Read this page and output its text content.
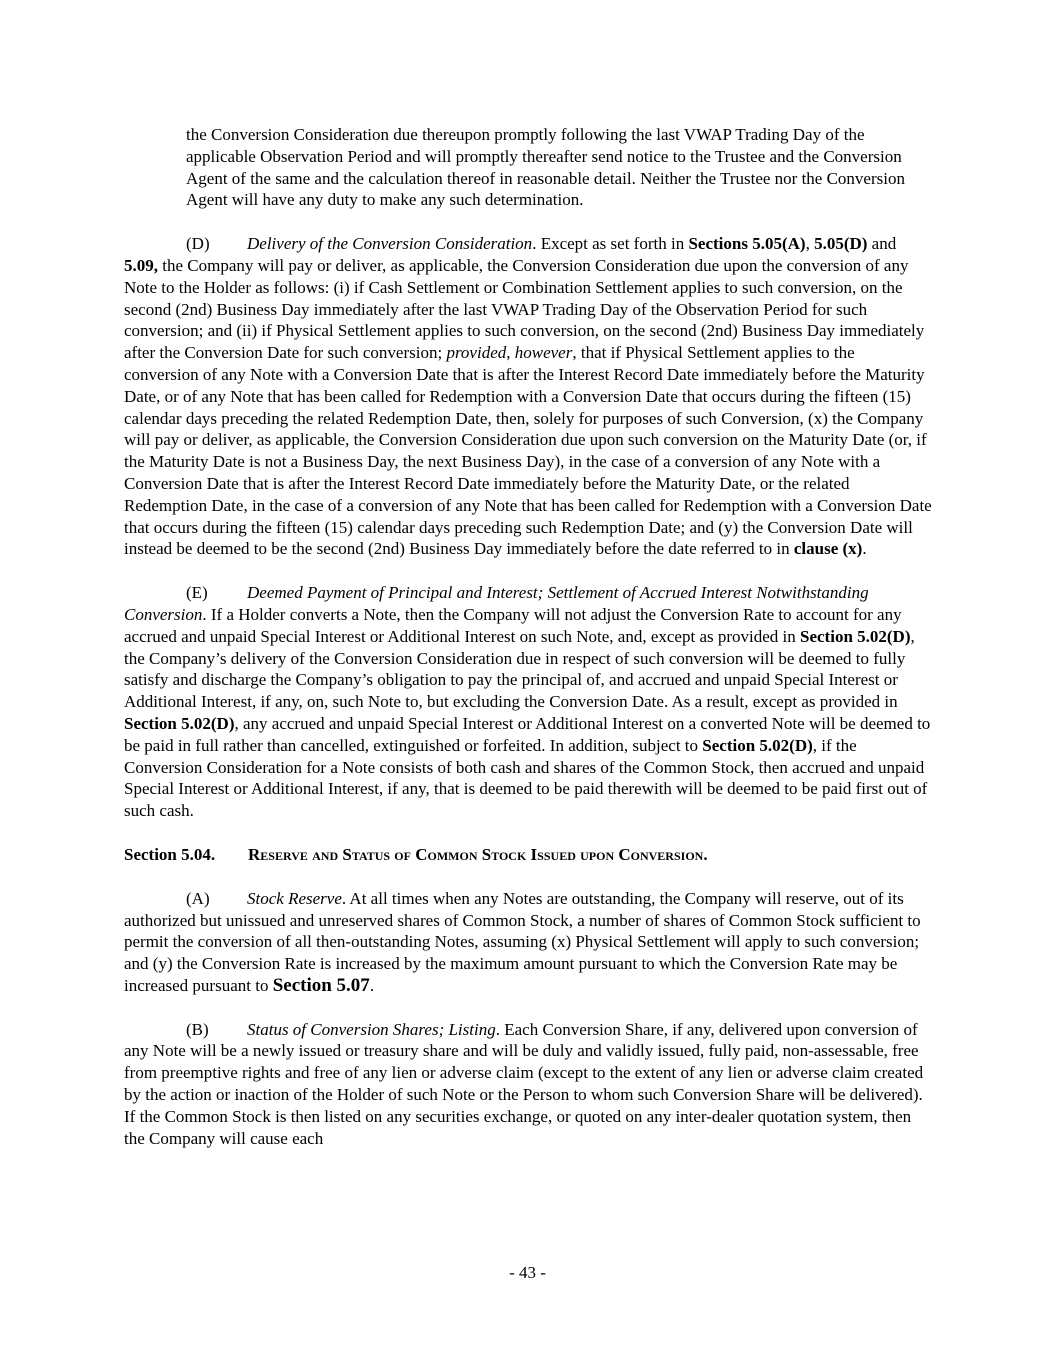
the Conversion Consideration due thereupon promptly following the last VWAP Trading Day of the applicable Observation Period and will promptly thereafter send notice to the Trustee and the Conversion Agent of the same and the calculation thereof in reasonable detail. Neither the Trustee nor the Conversion Agent will have any duty to make any such determination.

(D) Delivery of the Conversion Consideration. Except as set forth in Sections 5.05(A), 5.05(D) and 5.09, the Company will pay or deliver, as applicable, the Conversion Consideration due upon the conversion of any Note to the Holder as follows: (i) if Cash Settlement or Combination Settlement applies to such conversion, on the second (2nd) Business Day immediately after the last VWAP Trading Day of the Observation Period for such conversion; and (ii) if Physical Settlement applies to such conversion, on the second (2nd) Business Day immediately after the Conversion Date for such conversion; provided, however, that if Physical Settlement applies to the conversion of any Note with a Conversion Date that is after the Interest Record Date immediately before the Maturity Date, or of any Note that has been called for Redemption with a Conversion Date that occurs during the fifteen (15) calendar days preceding the related Redemption Date, then, solely for purposes of such Conversion, (x) the Company will pay or deliver, as applicable, the Conversion Consideration due upon such conversion on the Maturity Date (or, if the Maturity Date is not a Business Day, the next Business Day), in the case of a conversion of any Note with a Conversion Date that is after the Interest Record Date immediately before the Maturity Date, or the related Redemption Date, in the case of a conversion of any Note that has been called for Redemption with a Conversion Date that occurs during the fifteen (15) calendar days preceding such Redemption Date; and (y) the Conversion Date will instead be deemed to be the second (2nd) Business Day immediately before the date referred to in clause (x).

(E) Deemed Payment of Principal and Interest; Settlement of Accrued Interest Notwithstanding Conversion. If a Holder converts a Note, then the Company will not adjust the Conversion Rate to account for any accrued and unpaid Special Interest or Additional Interest on such Note, and, except as provided in Section 5.02(D), the Company’s delivery of the Conversion Consideration due in respect of such conversion will be deemed to fully satisfy and discharge the Company’s obligation to pay the principal of, and accrued and unpaid Special Interest or Additional Interest, if any, on, such Note to, but excluding the Conversion Date. As a result, except as provided in Section 5.02(D), any accrued and unpaid Special Interest or Additional Interest on a converted Note will be deemed to be paid in full rather than cancelled, extinguished or forfeited. In addition, subject to Section 5.02(D), if the Conversion Consideration for a Note consists of both cash and shares of the Common Stock, then accrued and unpaid Special Interest or Additional Interest, if any, that is deemed to be paid therewith will be deemed to be paid first out of such cash.

Section 5.04. Reserve and Status of Common Stock Issued upon Conversion.

(A) Stock Reserve. At all times when any Notes are outstanding, the Company will reserve, out of its authorized but unissued and unreserved shares of Common Stock, a number of shares of Common Stock sufficient to permit the conversion of all then-outstanding Notes, assuming (x) Physical Settlement will apply to such conversion; and (y) the Conversion Rate is increased by the maximum amount pursuant to which the Conversion Rate may be increased pursuant to Section 5.07.

(B) Status of Conversion Shares; Listing. Each Conversion Share, if any, delivered upon conversion of any Note will be a newly issued or treasury share and will be duly and validly issued, fully paid, non-assessable, free from preemptive rights and free of any lien or adverse claim (except to the extent of any lien or adverse claim created by the action or inaction of the Holder of such Note or the Person to whom such Conversion Share will be delivered). If the Common Stock is then listed on any securities exchange, or quoted on any inter-dealer quotation system, then the Company will cause each

- 43 -
